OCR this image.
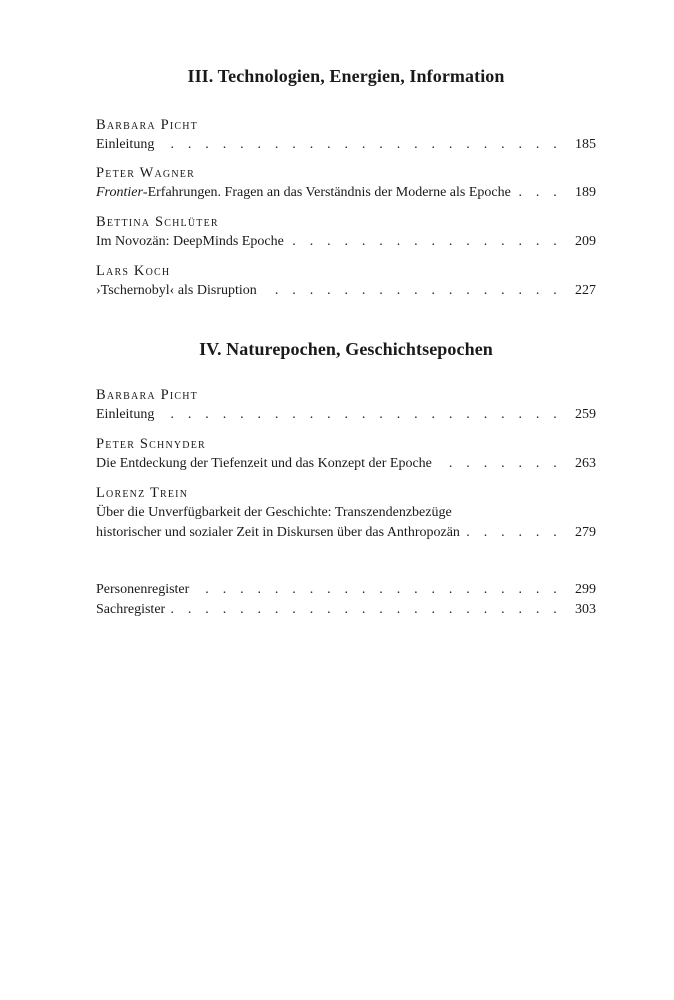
III. Technologien, Energien, Information

Barbara Picht

Einleitung . . .	185

Peter Wagner

Frontier-Erfahrungen. Fragen an das Verständnis der Moderne als Epoche . . .	189

Bettina Schlüter

Im Novozän: DeepMinds Epoche . . .	209

Lars Koch

›Tschernobyl‹ als Disruption . . .	227
IV. Naturepochen, Geschichtsepochen

Barbara Picht

Einleitung . . .	259

Peter Schnyder

Die Entdeckung der Tiefenzeit und das Konzept der Epoche . . .	263

Lorenz Trein

Über die Unverfügbarkeit der Geschichte: Transzendenzbezüge

historischer und sozialer Zeit in Diskursen über das Anthropozän . . .	279
Personenregister . . .	299
Sachregister . . .	303
